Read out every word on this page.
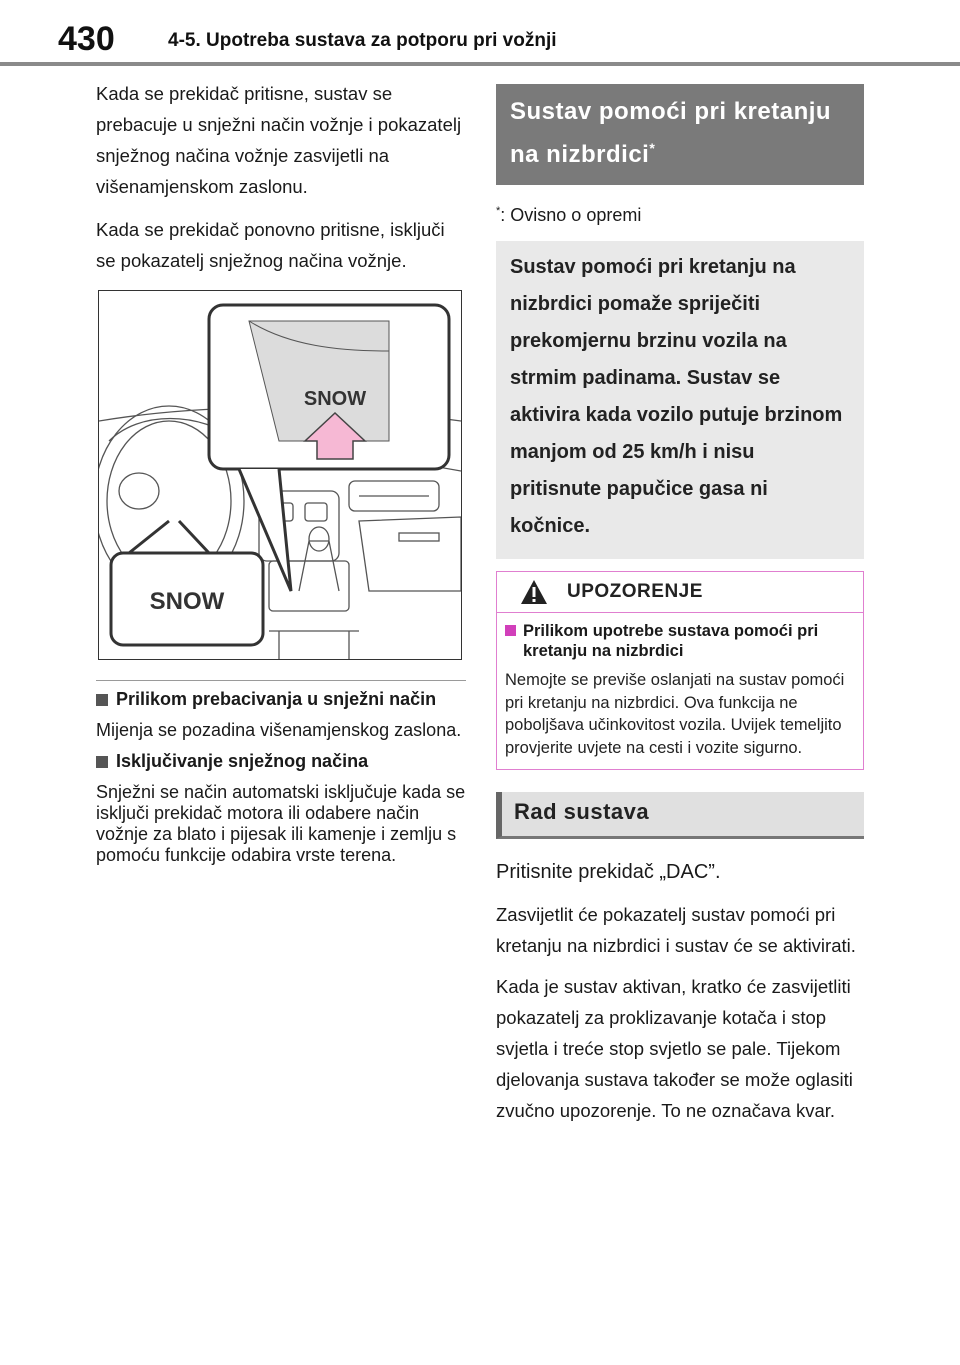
430	4-5. Upotreba sustava za potporu pri vožnji

Kada se prekidač pritisne, sustav se prebacuje u snježni način vožnje i pokazatelj snježnog načina vožnje zasvijetli na višenamjenskom zaslonu.

Kada se prekidač ponovno pritisne, isključi se pokazatelj snježnog načina vožnje.

SNOW
SNOW
Prilikom prebacivanja u snježni način

Mijenja se pozadina višenamjenskog zaslona.

Isključivanje snježnog načina

Snježni se način automatski isključuje kada se isključi prekidač motora ili odabere način vožnje za blato i pijesak ili kamenje i zemlju s pomoću funkcije odabira vrste terena.

Sustav pomoći pri kretanju na nizbrdici*
*: Ovisno o opremi
Sustav pomoći pri kretanju na nizbrdici pomaže spriječiti prekomjernu brzinu vozila na strmim padinama. Sustav se aktivira kada vozilo putuje brzinom manjom od 25 km/h i nisu pritisnute papučice gasa ni kočnice.
UPOZORENJE
Prilikom upotrebe sustava pomoći pri kretanju na nizbrdici
Nemojte se previše oslanjati na sustav pomoći pri kretanju na nizbrdici. Ova funkcija ne poboljšava učinkovitost vozila. Uvijek temeljito provjerite uvjete na cesti i vozite sigurno.
Rad sustava

Pritisnite prekidač „DAC”.

Zasvijetlit će pokazatelj sustav pomoći pri kretanju na nizbrdici i sustav će se aktivirati.

Kada je sustav aktivan, kratko će zasvijetliti pokazatelj za proklizavanje kotača i stop svjetla i treće stop svjetlo se pale. Tijekom djelovanja sustava također se može oglasiti zvučno upozorenje. To ne označava kvar.
